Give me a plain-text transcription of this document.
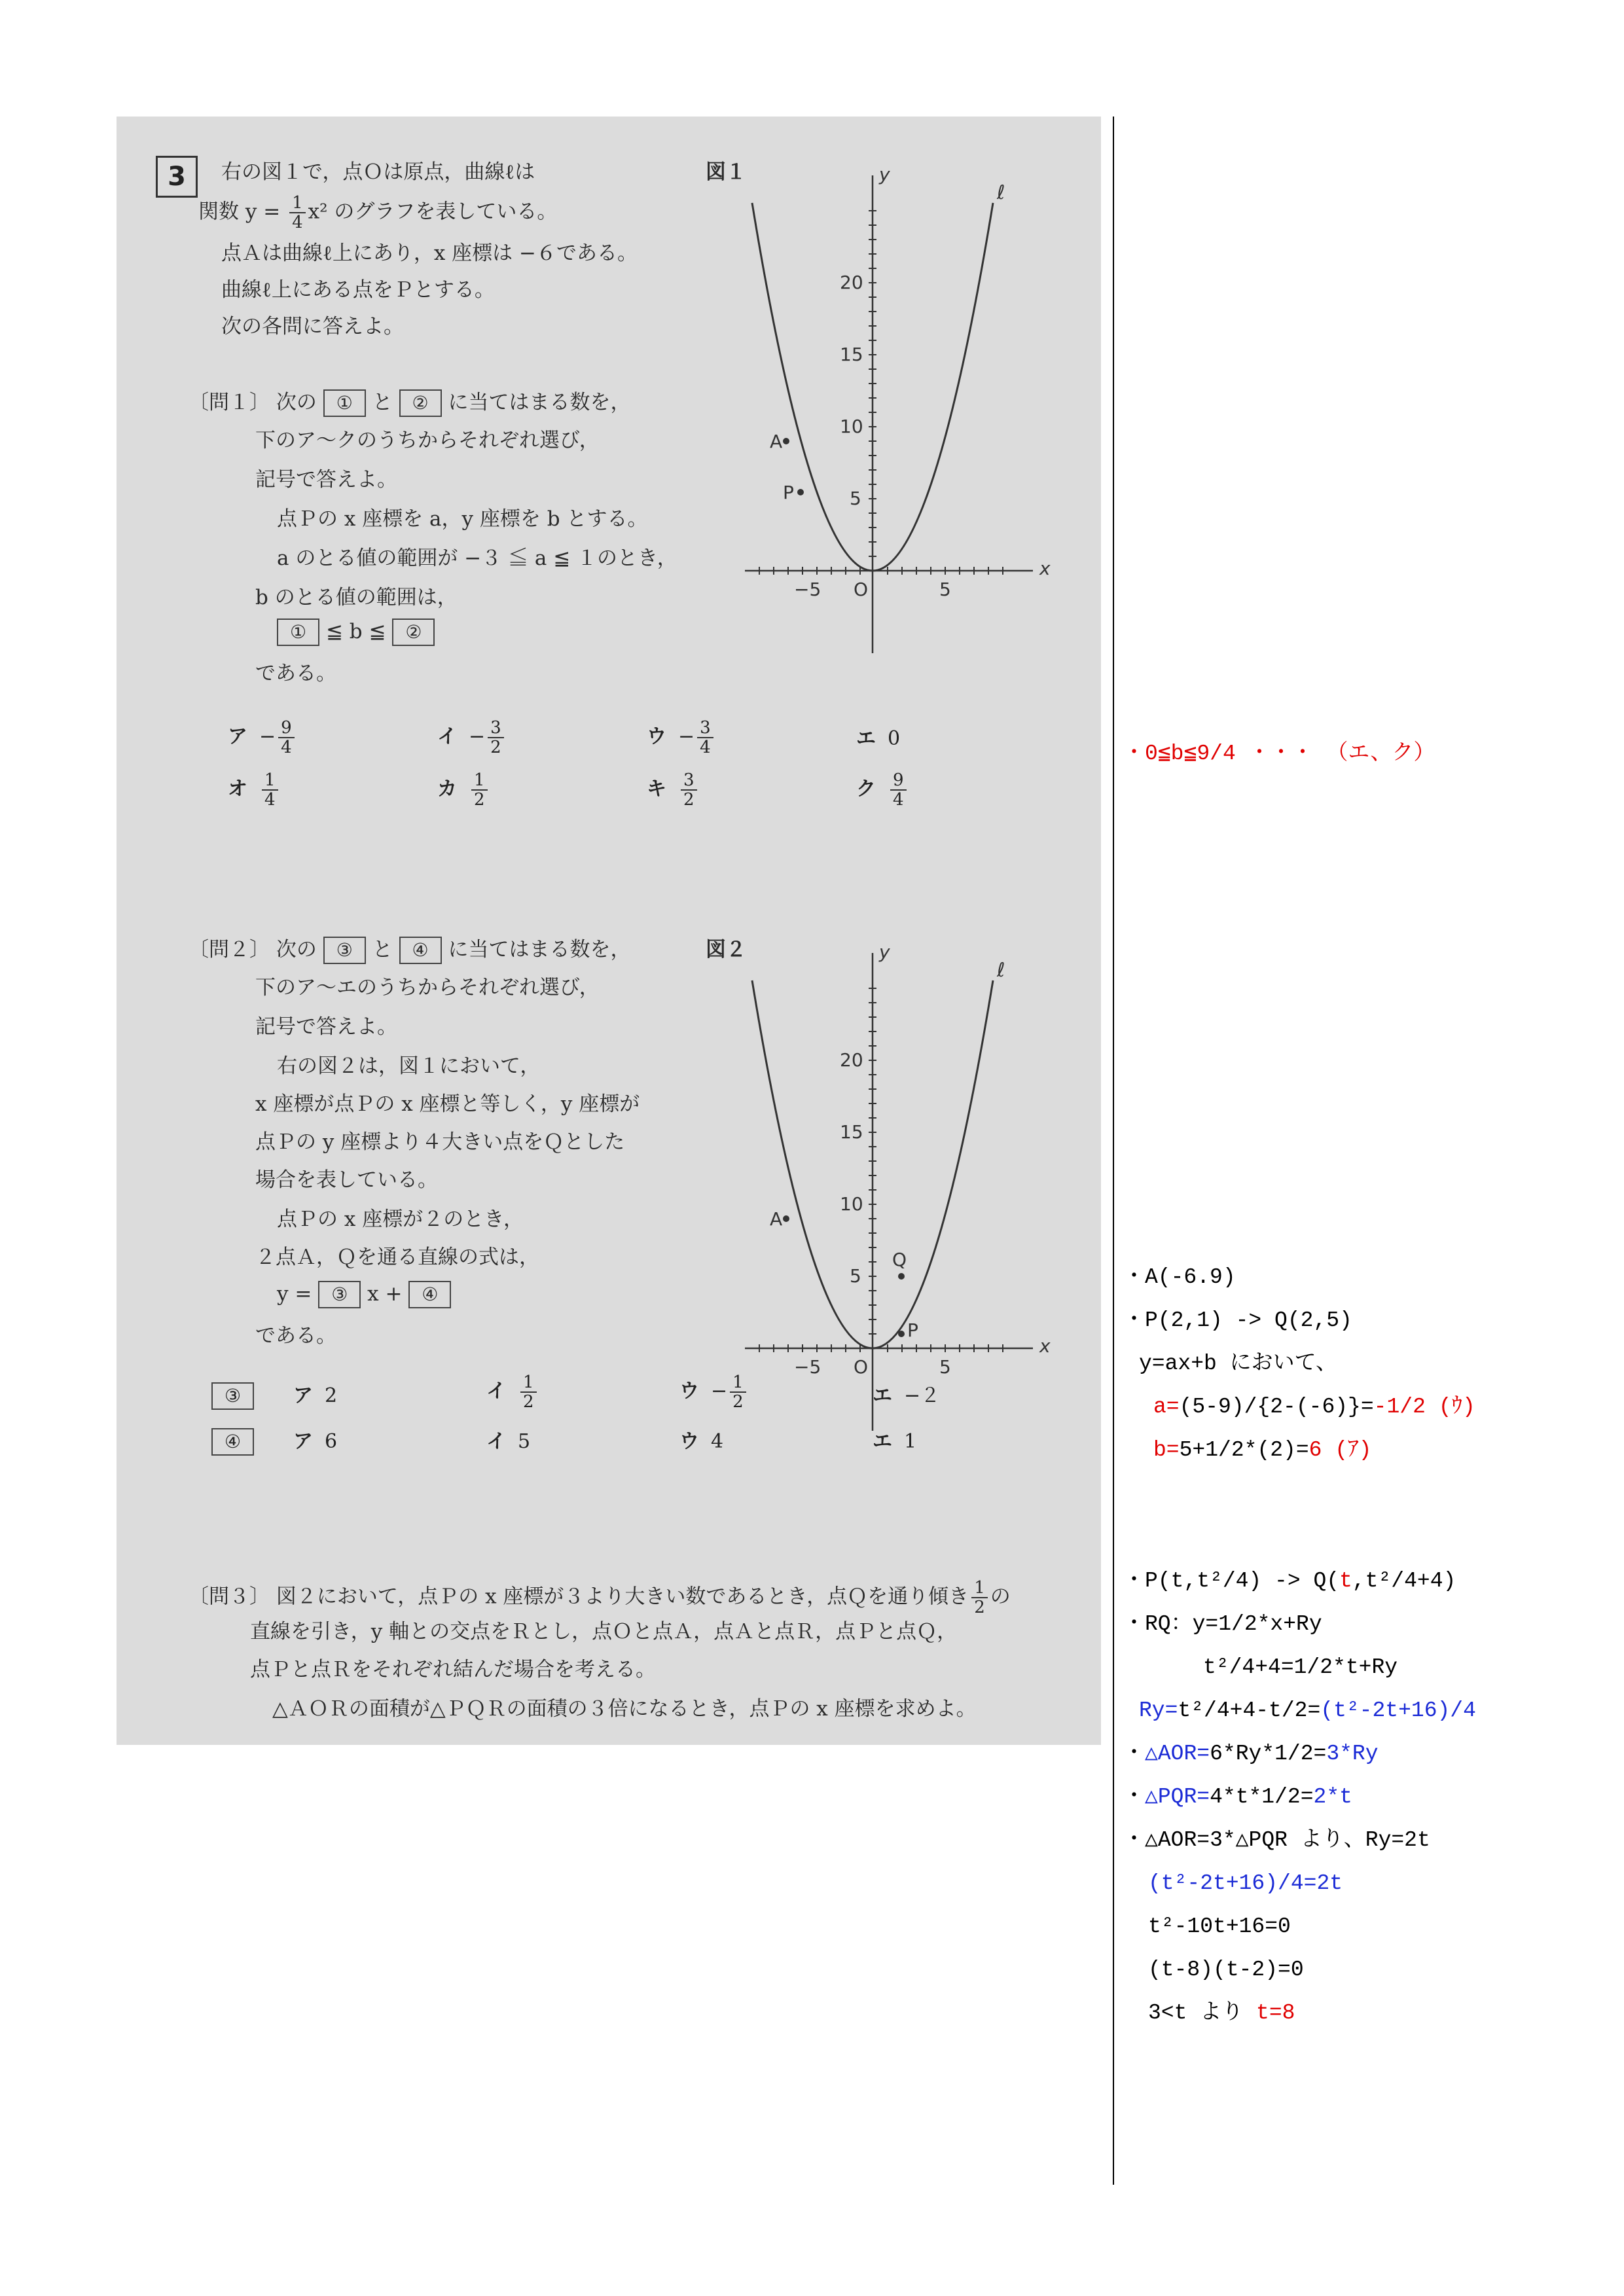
3	右の図１で，点Ｏは原点，曲線ℓは
関数 $y = \frac{1}{4} x^2$ のグラフを表している。
点Ａは曲線ℓ上にあり，x 座標は −６である。
曲線ℓ上にある点をＰとする。
次の各問に答えよ。
図１
A
P
ℓ
x
y
O
−5	5
5
10
15
20
〔問１〕 次の ① と ② に当てはまる数を，
下のア〜クのうちからそれぞれ選び，
記号で答えよ。
点Ｐの x 座標を a，y 座標を b とする。
a のとる値の範囲が −３ ≦ a ≦ １のとき，
b のとる値の範囲は，
① ≦ b ≦ ②
である。
ア − $\frac{9}{4}$	イ − $\frac{3}{2}$	ウ − $\frac{3}{4}$	エ 0
オ $\frac{1}{4}$	カ $\frac{1}{2}$	キ $\frac{3}{2}$	ク $\frac{9}{4}$
〔問２〕 次の ③ と ④ に当てはまる数を，	図２
下のア〜エのうちからそれぞれ選び，
記号で答えよ。
右の図２は，図１において，
x 座標が点Ｐの x 座標と等しく，y 座標が
点Ｐの y 座標より４大きい点をＱとした
場合を表している。
点Ｐの x 座標が２のとき，
２点Ａ，Ｑを通る直線の式は，
y = ③ x + ④
である。
A
P
Q
ℓ
x
y
O
−5	5
5
10
15
20
③	ア 2	イ $\frac{1}{2}$	ウ − $\frac{1}{2}$	エ −２
④	ア 6	イ 5	ウ 4	エ 1
〔問３〕 図２において，点Ｐの x 座標が３より大きい数であるとき，点Ｑを通り傾き $\frac{1}{2}$ の
直線を引き，y 軸との交点をＲとし，点Ｏと点Ａ，点Ａと点Ｒ，点Ｐと点Ｑ，
点Ｐと点Ｒをそれぞれ結んだ場合を考える。
△ＡＯＲの面積が△ＰＱＲの面積の３倍になるとき，点Ｐの x 座標を求めよ。
・0≦b≦9/4 ・・・ （エ、ク）
・A(-6.9)
・P(2,1) -> Q(2,5)
y=ax+b において、
a=(5-9)/{2-(-6)}=-1/2 (ｳ)
b=5+1/2*(2)=6 (ｱ)
・P(t,t²/4) -> Q(t,t²/4+4)
・RQ：y=1/2*x+Ry
t²/4+4=1/2*t+Ry
Ry=t²/4+4-t/2=(t²-2t+16)/4
・△AOR=6*Ry*1/2=3*Ry
・△PQR=4*t*1/2=2*t
・△AOR=3*△PQR より、Ry=2t
(t²-2t+16)/4=2t
t²-10t+16=0
(t-8)(t-2)=0
3<t より t=8
